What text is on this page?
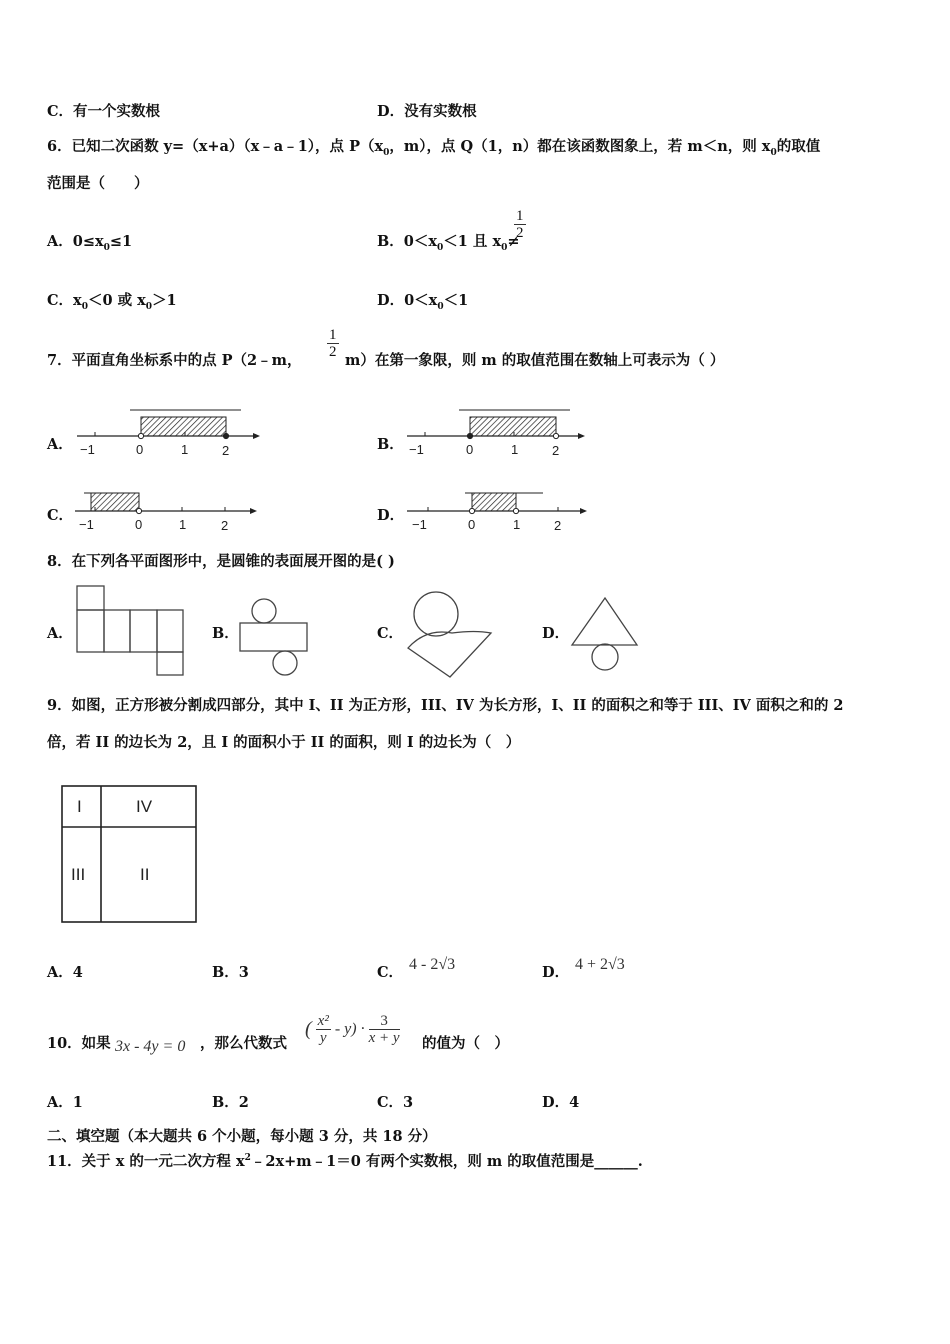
C．有一个实数根	D．没有实数根
6．已知二次函数 y=（x+a）（x﹣a﹣1），点 $P(x_0$，m），点 Q（1，n）都在该函数图象上，若 m＜n，则 $x_0$的取值
范围是（　　）
A．$0\le x_0\le 1$	B．$0<x_0<1$ 且 $x_0\ne$
$\frac{1}{2}$
C．$x_0<0$ 或 $x_0>1$	D．$0<x_0<1$
7．平面直角坐标系中的点 P（2﹣m，
$\frac{1}{2}$
m）在第一象限，则 m 的取值范围在数轴上可表示为（ ）
−1	0	1	2	−1	0	1	2
−1	0	1	2	−1	0	1	2
A．	B．
C．	D．
8．在下列各平面图形中，是圆锥的表面展开图的是( )
A．	B．	C．	D．
9．如图，正方形被分割成四部分，其中 I、II 为正方形，III、IV 为长方形，I、II 的面积之和等于 III、IV 面积之和的 2
倍，若 II 的边长为 2，且 I 的面积小于 II 的面积，则 I 的边长为（　）
I	IV
III	II
A．4	B．3	C． 4 - 2√3	D． 4 + 2√3
10．如果 3x - 4y = 0 ，那么代数式
( $\frac{\text{x²}}{y} - y) \cdot \frac{3}{x + y}$ 的值为（　）
A．1	B．2	C．3	D．4
二、填空题（本大题共 6 个小题，每小题 3 分，共 18 分）
11．关于 x 的一元二次方程 $x^2﹣2x+m﹣1=0$ 有两个实数根，则 m 的取值范围是______.
